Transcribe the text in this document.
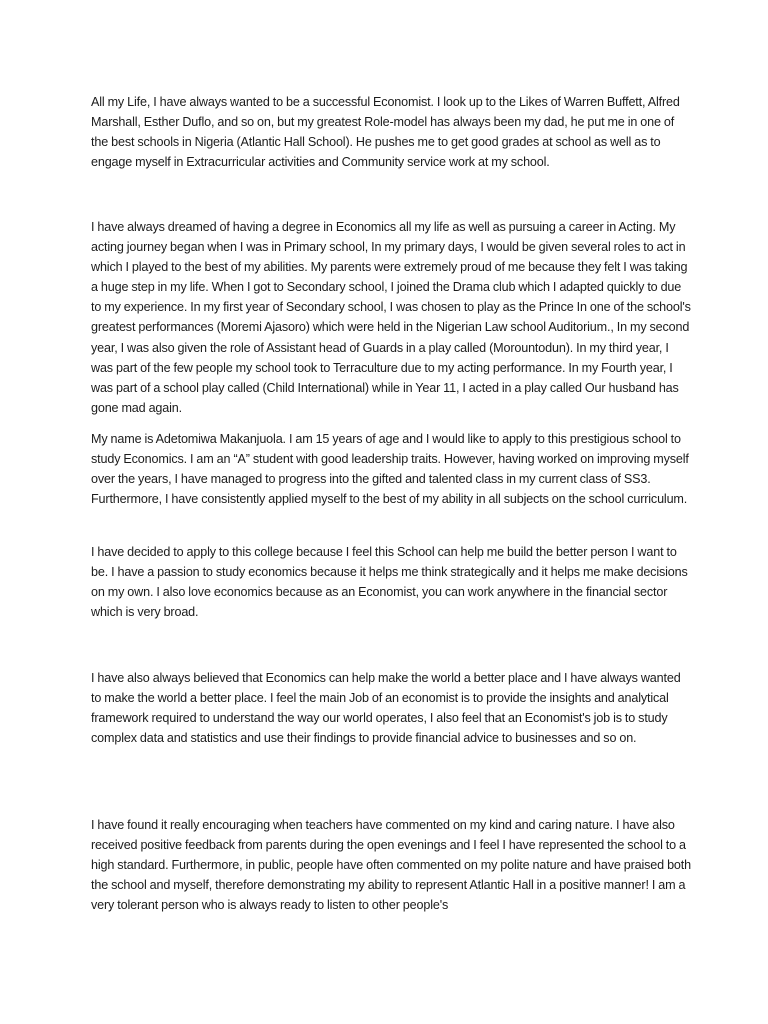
All my Life, I have always wanted to be a successful Economist. I look up to the Likes of Warren Buffett, Alfred Marshall, Esther Duflo, and so on, but my greatest Role-model has always been my dad, he put me in one of the best schools in Nigeria (Atlantic Hall School). He pushes me to get good grades at school as well as to engage myself in Extracurricular activities and Community service work at my school.

I have always dreamed of having a degree in Economics all my life as well as pursuing a career in Acting. My acting journey began when I was in Primary school, In my primary days, I would be given several roles to act in which I played to the best of my abilities. My parents were extremely proud of me because they felt I was taking a huge step in my life. When I got to Secondary school, I joined the Drama club which I adapted quickly to due to my experience. In my first year of Secondary school, I was chosen to play as the Prince In one of the school's greatest performances (Moremi Ajasoro) which were held in the Nigerian Law school Auditorium., In my second year, I was also given the role of Assistant head of Guards in a play called (Morountodun). In my third year, I was part of the few people my school took to Terraculture due to my acting performance. In my Fourth year, I was part of a school play called (Child International) while in Year 11, I acted in a play called Our husband has gone mad again.

My name is Adetomiwa Makanjuola. I am 15 years of age and I would like to apply to this prestigious school to study Economics. I am an “A” student with good leadership traits. However, having worked on improving myself over the years, I have managed to progress into the gifted and talented class in my current class of SS3. Furthermore, I have consistently applied myself to the best of my ability in all subjects on the school curriculum.

I have decided to apply to this college because I feel this School can help me build the better person I want to be. I have a passion to study economics because it helps me think strategically and it helps me make decisions on my own. I also love economics because as an Economist, you can work anywhere in the financial sector which is very broad.

I have also always believed that Economics can help make the world a better place and I have always wanted to make the world a better place. I feel the main Job of an economist is to provide the insights and analytical framework required to understand the way our world operates, I also feel that an Economist's job is to study complex data and statistics and use their findings to provide financial advice to businesses and so on.

I have found it really encouraging when teachers have commented on my kind and caring nature. I have also received positive feedback from parents during the open evenings and I feel I have represented the school to a high standard. Furthermore, in public, people have often commented on my polite nature and have praised both the school and myself, therefore demonstrating my ability to represent Atlantic Hall in a positive manner! I am a very tolerant person who is always ready to listen to other people's
